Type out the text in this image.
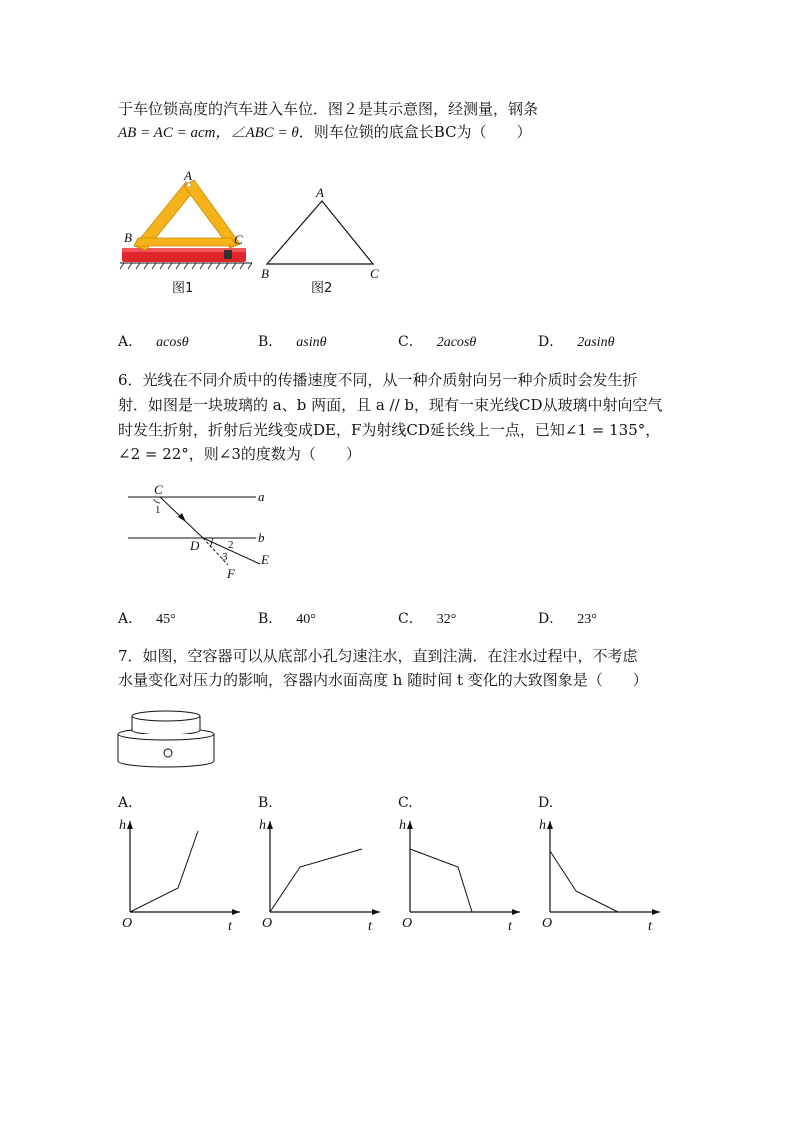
于车位锁高度的汽车进入车位．图２是其示意图，经测量，钢条
AB = AC = acm，∠ABC = θ．则车位锁的底盒长BC为（　　）
A
B	C
图1
A
B	C
图2
A． acosθ	B． asinθ	C． 2acosθ	D． 2asinθ
6．光线在不同介质中的传播速度不同，从一种介质射向另一种介质时会发生折
射．如图是一块玻璃的 a、b 两面，且 a // b，现有一束光线CD从玻璃中射向空气
时发生折射，折射后光线变成DE，F为射线CD延长线上一点，已知∠1 = 135°，
∠2 = 22°，则∠3的度数为（　　）
C	a
1
b
D	2
3	E
F
A． 45°	B． 40°	C． 32°	D． 23°
7．如图，空容器可以从底部小孔匀速注水，直到注满．在注水过程中，不考虑
水量变化对压力的影响，容器内水面高度 h 随时间 t 变化的大致图象是（　　）
A.
h
t
O
B.
h
t
O
C.
h
t
O
D.
h
t
O
